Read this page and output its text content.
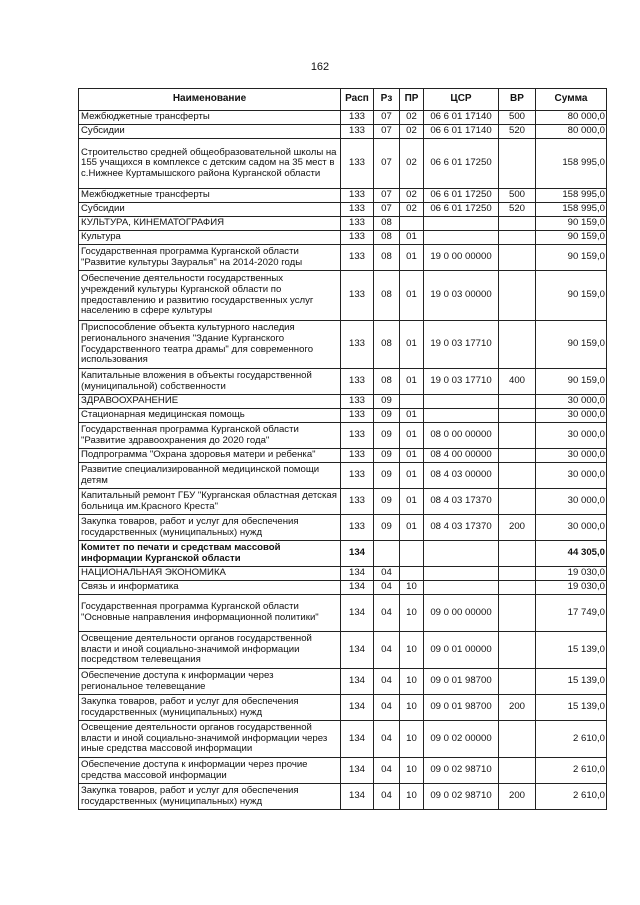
162
Наименование	Расп	Рз	ПР	ЦСР	ВР	Сумма
Межбюджетные трансферты	133	07	02	06 6 01 17140	500	80 000,0
Субсидии	133	07	02	06 6 01 17140	520	80 000,0
Строительство средней общеобразовательной школы на 155 учащихся в комплексе с детским садом на 35 мест в с.Нижнее Куртамышского района Курганской области	133	07	02	06 6 01 17250		158 995,0
Межбюджетные трансферты	133	07	02	06 6 01 17250	500	158 995,0
Субсидии	133	07	02	06 6 01 17250	520	158 995,0
КУЛЬТУРА, КИНЕМАТОГРАФИЯ	133	08				90 159,0
Культура	133	08	01			90 159,0
Государственная программа Курганской области "Развитие культуры Зауралья" на 2014-2020 годы	133	08	01	19 0 00 00000		90 159,0
Обеспечение деятельности государственных учреждений культуры Курганской области по предоставлению и развитию государственных услуг населению в сфере культуры	133	08	01	19 0 03 00000		90 159,0
Приспособление объекта культурного наследия регионального значения "Здание Курганского Государственного театра драмы" для современного использования	133	08	01	19 0 03 17710		90 159,0
Капитальные вложения в объекты государственной (муниципальной) собственности	133	08	01	19 0 03 17710	400	90 159,0
ЗДРАВООХРАНЕНИЕ	133	09				30 000,0
Стационарная медицинская помощь	133	09	01			30 000,0
Государственная программа Курганской области "Развитие здравоохранения до 2020 года"	133	09	01	08 0 00 00000		30 000,0
Подпрограмма "Охрана здоровья матери и ребенка"	133	09	01	08 4 00 00000		30 000,0
Развитие специализированной медицинской помощи детям	133	09	01	08 4 03 00000		30 000,0
Капитальный ремонт ГБУ "Курганская областная детская больница им.Красного Креста"	133	09	01	08 4 03 17370		30 000,0
Закупка товаров, работ и услуг для обеспечения государственных (муниципальных) нужд	133	09	01	08 4 03 17370	200	30 000,0
Комитет по печати и средствам массовой информации Курганской области	134					44 305,0
НАЦИОНАЛЬНАЯ ЭКОНОМИКА	134	04				19 030,0
Связь и информатика	134	04	10			19 030,0
Государственная программа Курганской области "Основные направления информационной политики"	134	04	10	09 0 00 00000		17 749,0
Освещение деятельности органов государственной власти и иной социально-значимой информации посредством телевещания	134	04	10	09 0 01 00000		15 139,0
Обеспечение доступа к информации через региональное телевещание	134	04	10	09 0 01 98700		15 139,0
Закупка товаров, работ и услуг для обеспечения государственных (муниципальных) нужд	134	04	10	09 0 01 98700	200	15 139,0
Освещение деятельности органов государственной власти и иной социально-значимой информации через иные средства массовой информации	134	04	10	09 0 02 00000		2 610,0
Обеспечение доступа к информации через прочие средства массовой информации	134	04	10	09 0 02 98710		2 610,0
Закупка товаров, работ и услуг для обеспечения государственных (муниципальных) нужд	134	04	10	09 0 02 98710	200	2 610,0
